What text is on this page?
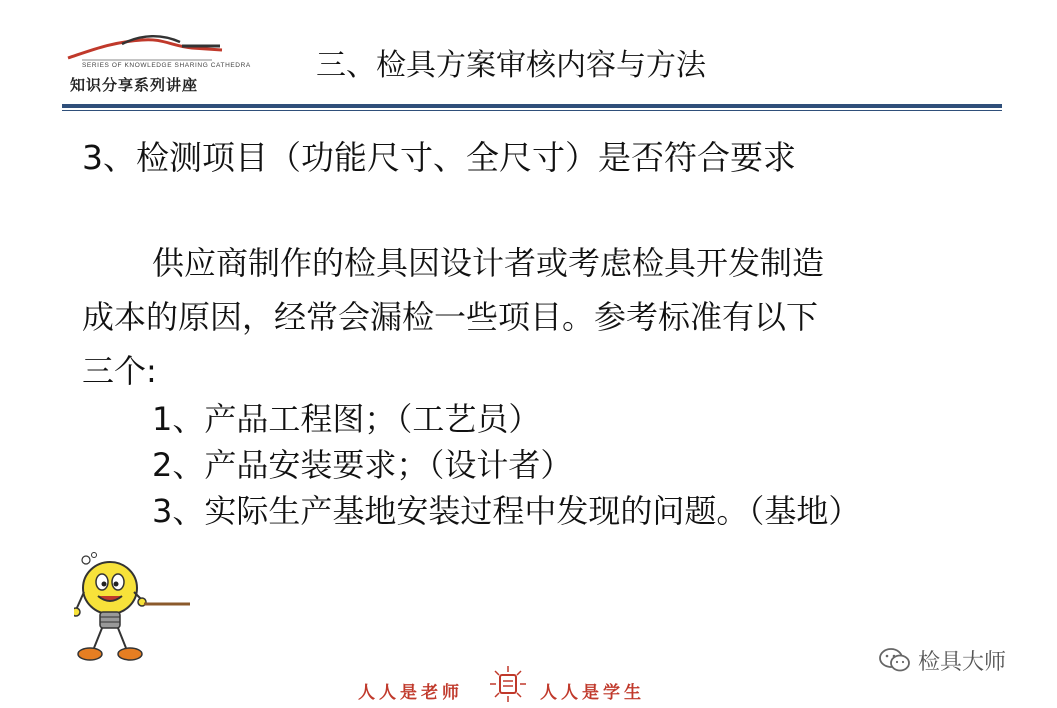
SERIES OF KNOWLEDGE SHARING CATHEDRA
知识分享系列讲座
三、检具方案审核内容与方法
3、检测项目（功能尺寸、全尺寸）是否符合要求
供应商制作的检具因设计者或考虑检具开发制造
成本的原因，经常会漏检一些项目。参考标准有以下
三个:
1、产品工程图；（工艺员）
2、产品安装要求；（设计者）
3、实际生产基地安装过程中发现的问题。（基地）
检具大师
人人是老师	人人是学生
